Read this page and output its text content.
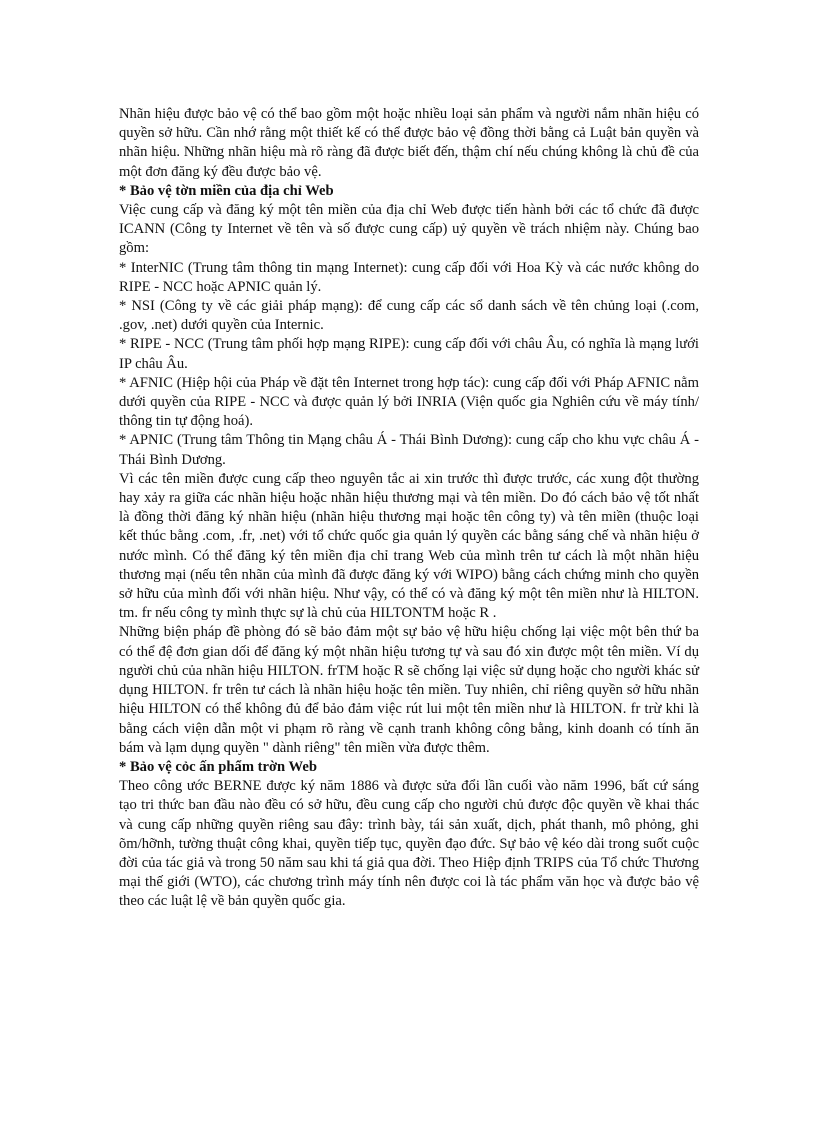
Nhãn hiệu được bảo vệ có thể bao gồm một hoặc nhiều loại sản phẩm và người nắm nhãn hiệu có quyền sở hữu. Cần nhớ rằng một thiết kế có thể được bảo vệ đồng thời bằng cả Luật bản quyền và nhãn hiệu. Những nhãn hiệu mà rõ ràng đã được biết đến, thậm chí nếu chúng không là chủ đề của một đơn đăng ký đều được bảo vệ.

* Bảo vệ tờn miền của địa chỉ Web

Việc cung cấp và đăng ký một tên miền của địa chỉ Web được tiến hành bởi các tổ chức đã được ICANN (Công ty Internet về tên và số được cung cấp) uỷ quyền về trách nhiệm này. Chúng bao gồm:

* InterNIC (Trung tâm thông tin mạng Internet): cung cấp đối với Hoa Kỳ và các nước không do RIPE - NCC hoặc APNIC quản lý.

* NSI (Công ty về các giải pháp mạng): để cung cấp các sổ danh sách về tên chủng loại (.com, .gov, .net) dưới quyền của Internic.

* RIPE - NCC (Trung tâm phối hợp mạng RIPE): cung cấp đối với châu Âu, có nghĩa là mạng lưới IP châu Âu.

* AFNIC (Hiệp hội của Pháp về đặt tên Internet trong hợp tác): cung cấp đối với Pháp AFNIC nằm dưới quyền của RIPE - NCC và được quản lý bởi INRIA (Viện quốc gia Nghiên cứu về máy tính/ thông tin tự động hoá).

* APNIC (Trung tâm Thông tin Mạng châu Á - Thái Bình Dương): cung cấp cho khu vực châu Á - Thái Bình Dương.

Vì các tên miền được cung cấp theo nguyên tắc ai xin trước thì được trước, các xung đột thường hay xảy ra giữa các nhãn hiệu hoặc nhãn hiệu thương mại và tên miền. Do đó cách bảo vệ tốt nhất là đồng thời đăng ký nhãn hiệu (nhãn hiệu thương mại hoặc tên công ty) và tên miền (thuộc loại kết thúc bằng .com, .fr, .net) với tổ chức quốc gia quản lý quyền các bằng sáng chế và nhãn hiệu ở nước mình. Có thể đăng ký tên miền địa chỉ trang Web của mình trên tư cách là một nhãn hiệu thương mại (nếu tên nhãn của mình đã được đăng ký với WIPO) bằng cách chứng minh cho quyền sở hữu của mình đối với nhãn hiệu. Như vậy, có thể có và đăng ký một tên miền như là HILTON. tm. fr nếu công ty mình thực sự là chủ của HILTONTM hoặc R .

Những biện pháp đề phòng đó sẽ bảo đảm một sự bảo vệ hữu hiệu chống lại việc một bên thứ ba có thể đệ đơn gian dối để đăng ký một nhãn hiệu tương tự và sau đó xin được một tên miền. Ví dụ người chủ của nhãn hiệu HILTON. frTM hoặc R sẽ chống lại việc sử dụng hoặc cho người khác sử dụng HILTON. fr trên tư cách là nhãn hiệu hoặc tên miền. Tuy nhiên, chỉ riêng quyền sở hữu nhãn hiệu HILTON có thể không đủ để bảo đảm việc rút lui một tên miền như là HILTON. fr trừ khi là bằng cách viện dẫn một vi phạm rõ ràng về cạnh tranh không công bằng, kinh doanh có tính ăn bám và lạm dụng quyền " dành riêng" tên miền vừa được thêm.

* Bảo vệ cỏc ấn phẩm trờn Web

Theo công ước BERNE được ký năm 1886 và được sửa đổi lần cuối vào năm 1996, bất cứ sáng tạo tri thức ban đầu nào đều có sở hữu, đều cung cấp cho người chủ được độc quyền về khai thác và cung cấp những quyền riêng sau đây: trình bày, tái sản xuất, dịch, phát thanh, mô phỏng, ghi õm/hỡnh, tường thuật công khai, quyền tiếp tục, quyền đạo đức. Sự bảo vệ kéo dài trong suốt cuộc đời của tác giả và trong 50 năm sau khi tá giả qua đời. Theo Hiệp định TRIPS của Tổ chức Thương mại thế giới (WTO), các chương trình máy tính nên được coi là tác phẩm văn học và được bảo vệ theo các luật lệ về bản quyền quốc gia.
